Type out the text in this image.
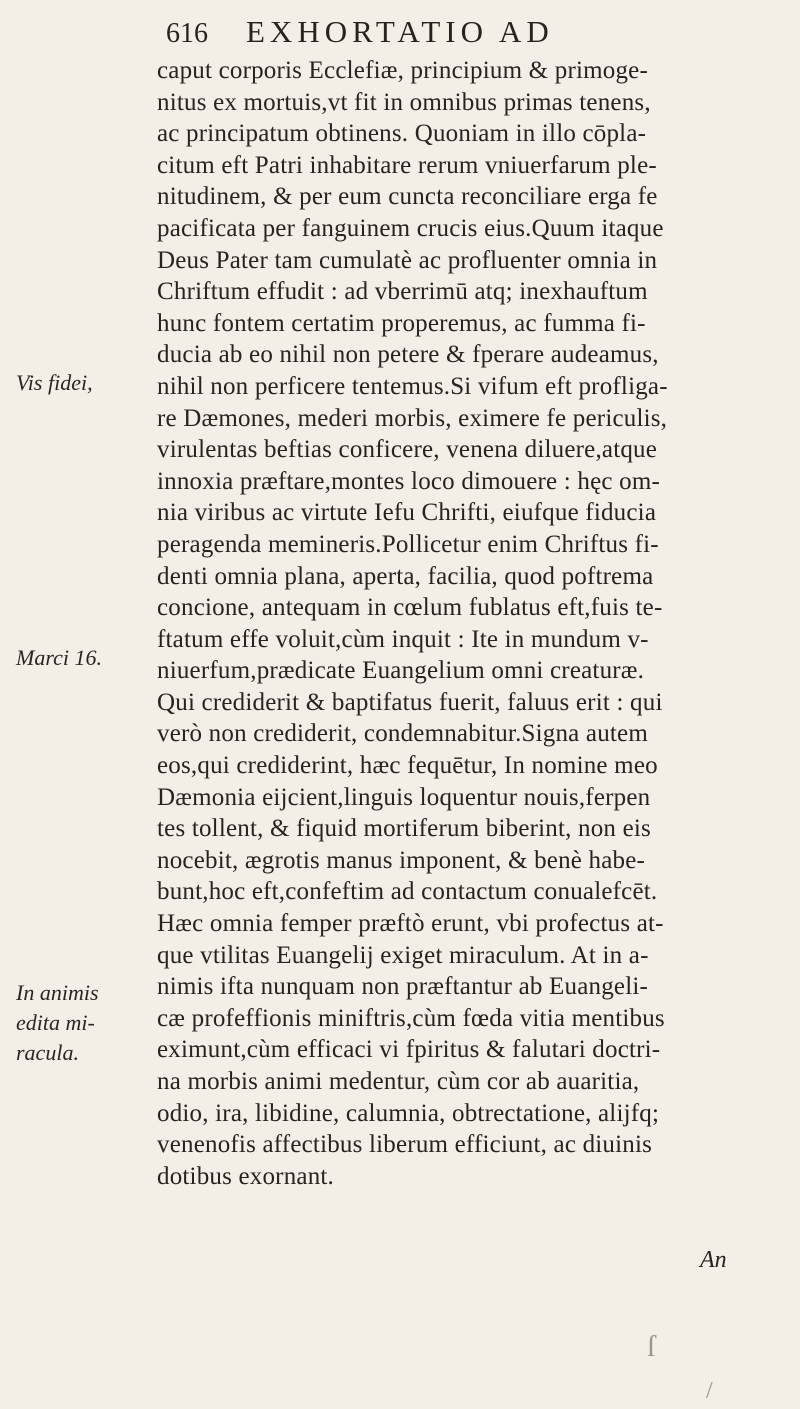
616	EXHORTATIO AD
caput corporis Ecclefiæ, principium & primoge-
nitus ex mortuis,vt fit in omnibus primas tenens,
ac principatum obtinens. Quoniam in illo cōpla-
citum eft Patri inhabitare rerum vniuerfarum ple-
nitudinem, & per eum cuncta reconciliare erga fe
pacificata per fanguinem crucis eius.Quum itaque
Deus Pater tam cumulatè ac profluenter omnia in
Chriftum effudit : ad vberrimū atq; inexhauftum
hunc fontem certatim properemus, ac fumma fi-
ducia ab eo nihil non petere & fperare audeamus,
nihil non perficere tentemus.Si vifum eft profliga-
re Dæmones, mederi morbis, eximere fe periculis,
virulentas beftias conficere, venena diluere,atque
innoxia præftare,montes loco dimouere : hęc om-
nia viribus ac virtute Iefu Chrifti, eiufque fiducia
peragenda memineris.Pollicetur enim Chriftus fi-
denti omnia plana, aperta, facilia, quod poftrema
concione, antequam in cœlum fublatus eft,fuis te-
ftatum effe voluit,cùm inquit : Ite in mundum v-
niuerfum,prædicate Euangelium omni creaturæ.
Qui crediderit & baptifatus fuerit, faluus erit : qui
verò non crediderit, condemnabitur.Signa autem
eos,qui crediderint, hæc fequētur, In nomine meo
Dæmonia eijcient,linguis loquentur nouis,ferpen
tes tollent, & fiquid mortiferum biberint, non eis
nocebit, ægrotis manus imponent, & benè habe-
bunt,hoc eft,confeftim ad contactum conualefcēt.
Hæc omnia femper præftò erunt, vbi profectus at-
que vtilitas Euangelij exiget miraculum. At in a-
nimis ifta nunquam non præftantur ab Euangeli-
cæ profeffionis miniftris,cùm fœda vitia mentibus
eximunt,cùm efficaci vi fpiritus & falutari doctri-
na morbis animi medentur, cùm cor ab auaritia,
odio, ira, libidine, calumnia, obtrectatione, alijfq;
venenofis affectibus liberum efficiunt, ac diuinis
dotibus exornant.
Vis fidei,
Marci 16.
In animis
edita mi-
racula.
An
ſ
/
